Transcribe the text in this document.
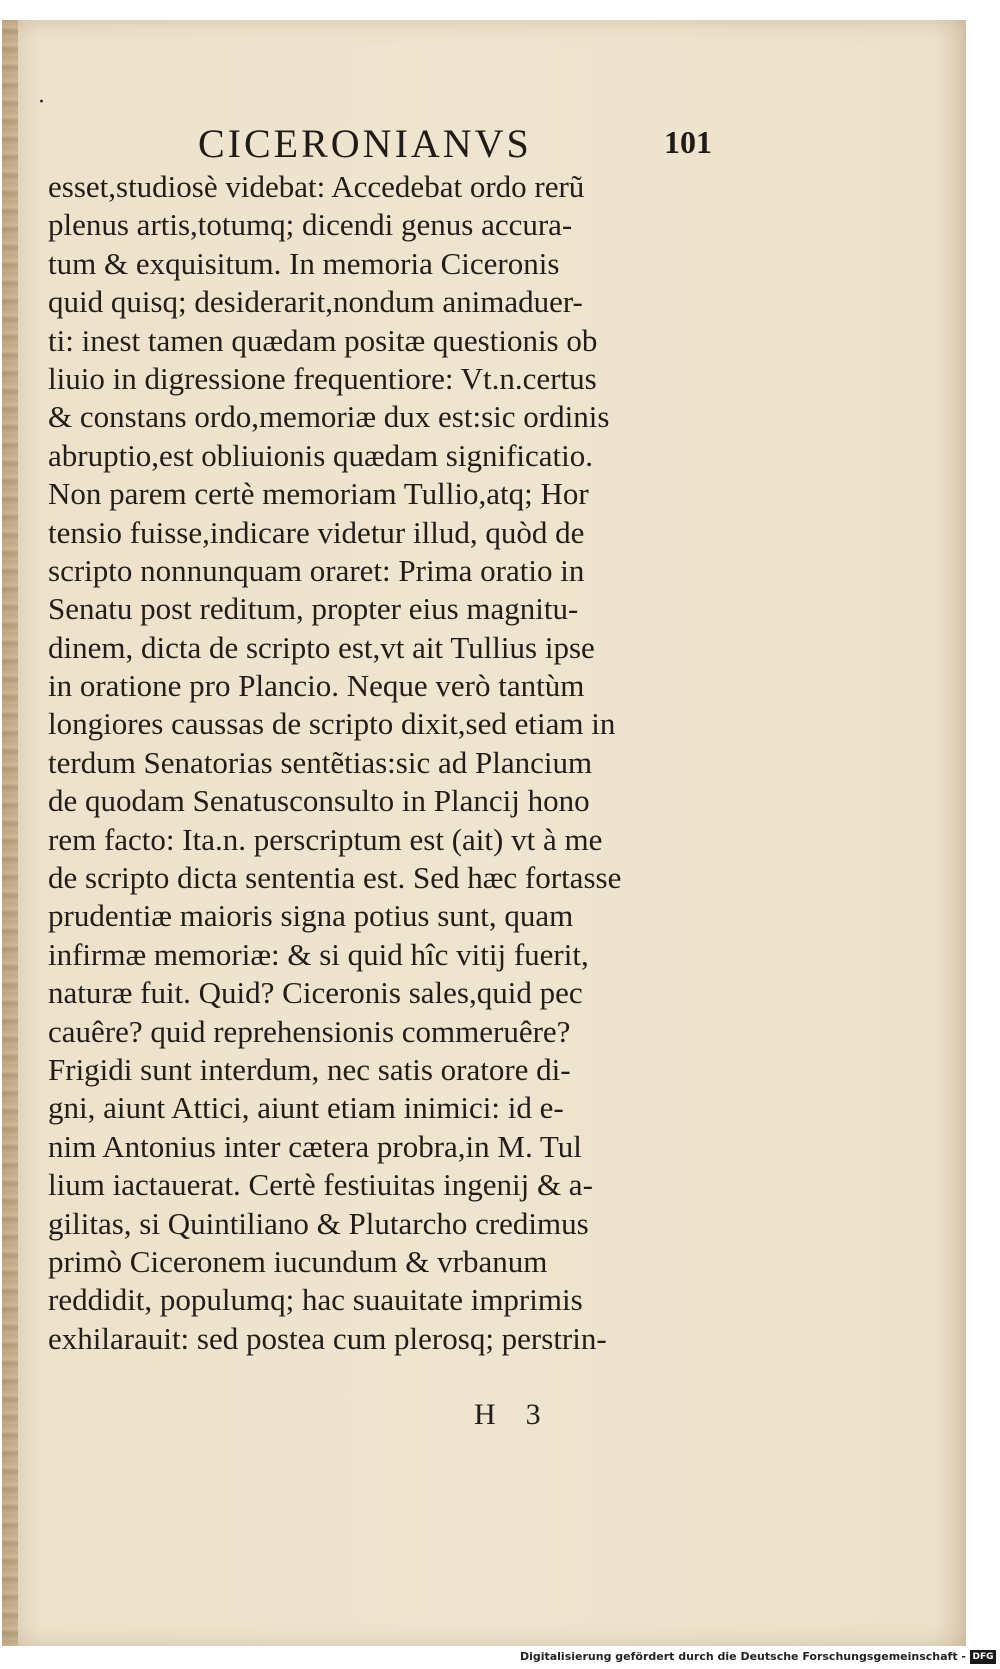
·
CICERONIANVS	101
esset,studiosè videbat: Accedebat ordo rerũ
plenus artis,totumq; dicendi genus accura-
tum & exquisitum. In memoria Ciceronis
quid quisq; desiderarit,nondum animaduer-
ti: inest tamen quædam positæ questionis ob
liuio in digressione frequentiore: Vt.n.certus
& constans ordo,memoriæ dux est:sic ordinis
abruptio,est obliuionis quædam significatio.
Non parem certè memoriam Tullio,atq; Hor
tensio fuisse,indicare videtur illud, quòd de
scripto nonnunquam oraret: Prima oratio in
Senatu post reditum, propter eius magnitu-
dinem, dicta de scripto est,vt ait Tullius ipse
in oratione pro Plancio. Neque verò tantùm
longiores caussas de scripto dixit,sed etiam in
terdum Senatorias sentẽtias:sic ad Plancium
de quodam Senatusconsulto in Plancij hono
rem facto: Ita.n. perscriptum est (ait) vt à me
de scripto dicta sententia est. Sed hæc fortasse
prudentiæ maioris signa potius sunt, quam
infirmæ memoriæ: & si quid hîc vitij fuerit,
naturæ fuit. Quid? Ciceronis sales,quid pec
cauêre? quid reprehensionis commeruêre?
Frigidi sunt interdum, nec satis oratore di-
gni, aiunt Attici, aiunt etiam inimici: id e-
nim Antonius inter cætera probra,in M. Tul
lium iactauerat. Certè festiuitas ingenij & a-
gilitas, si Quintiliano & Plutarcho credimus
primò Ciceronem iucundum & vrbanum
reddidit, populumq; hac suauitate imprimis
exhilarauit: sed postea cum plerosq; perstrin-
H    3
Digitalisierung gefördert durch die Deutsche Forschungsgemeinschaft - DFG
